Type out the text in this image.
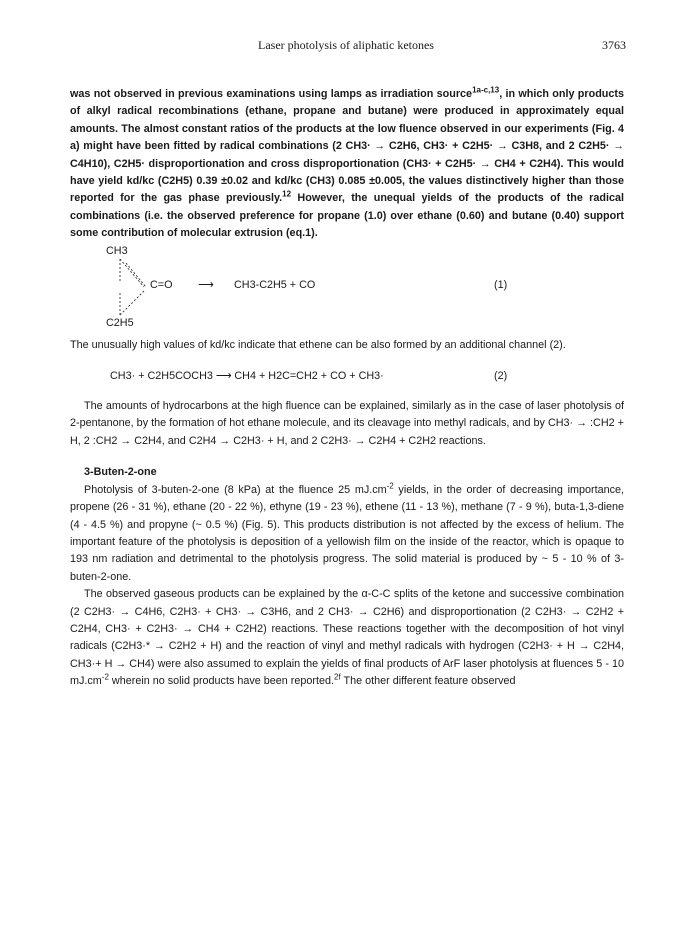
Laser photolysis of aliphatic ketones	3763

was not observed in previous examinations using lamps as irradiation source$^{1a-c,13}$, in which only products of alkyl radical recombinations (ethane, propane and butane) were produced in approximately equal amounts. The almost constant ratios of the products at the low fluence observed in our experiments (Fig. 4 a) might have been fitted by radical combinations (2 CH3· → C2H6, CH3· + C2H5· → C3H8, and 2 C2H5· → C4H10), C2H5· disproportionation and cross disproportionation (CH3· + C2H5· → CH4 + C2H4). This would have yield kd/kc (C2H5) 0.39 ±0.02 and kd/kc (CH3) 0.085 ±0.005, the values distinctively higher than those reported for the gas phase previously.$^{12}$ However, the unequal yields of the products of the radical combinations (i.e. the observed preference for propane (1.0) over ethane (0.60) and butane (0.40) support some contribution of molecular extrusion (eq.1).

CH3
C=O ⟶ CH3-C2H5 + CO	(1)
C2H5

The unusually high values of kd/kc indicate that ethene can be also formed by an additional channel (2).

CH3· + C2H5COCH3 ⟶ CH4 + H2C=CH2 + CO + CH3·	(2)

The amounts of hydrocarbons at the high fluence can be explained, similarly as in the case of laser photolysis of 2-pentanone, by the formation of hot ethane molecule, and its cleavage into methyl radicals, and by CH3· → :CH2 + H, 2 :CH2 → C2H4, and C2H4 → C2H3· + H, and 2 C2H3· → C2H4 + C2H2 reactions.

3-Buten-2-one

Photolysis of 3-buten-2-one (8 kPa) at the fluence 25 $mJ.cm^{-2}$ yields, in the order of decreasing importance, propene (26 - 31 %), ethane (20 - 22 %), ethyne (19 - 23 %), ethene (11 - 13 %), methane (7 - 9 %), buta-1,3-diene (4 - 4.5 %) and propyne (~ 0.5 %) (Fig. 5). This products distribution is not affected by the excess of helium. The important feature of the photolysis is deposition of a yellowish film on the inside of the reactor, which is opaque to 193 nm radiation and detrimental to the photolysis progress. The solid material is produced by ~ 5 - 10 % of 3-buten-2-one.

The observed gaseous products can be explained by the α-C-C splits of the ketone and successive combination (2 C2H3· → C4H6, C2H3· + CH3· → C3H6, and 2 CH3· → C2H6) and disproportionation (2 C2H3· → C2H2 + C2H4, CH3· + C2H3· → CH4 + C2H2) reactions. These reactions together with the decomposition of hot vinyl radicals (C2H3·* → C2H2 + H) and the reaction of vinyl and methyl radicals with hydrogen (C2H3· + H → C2H4, CH3·+ H → CH4) were also assumed to explain the yields of final products of ArF laser photolysis at fluences 5 - 10 $mJ.cm^{-2}$ wherein no solid products have been reported.$^{2f}$ The other different feature observed
